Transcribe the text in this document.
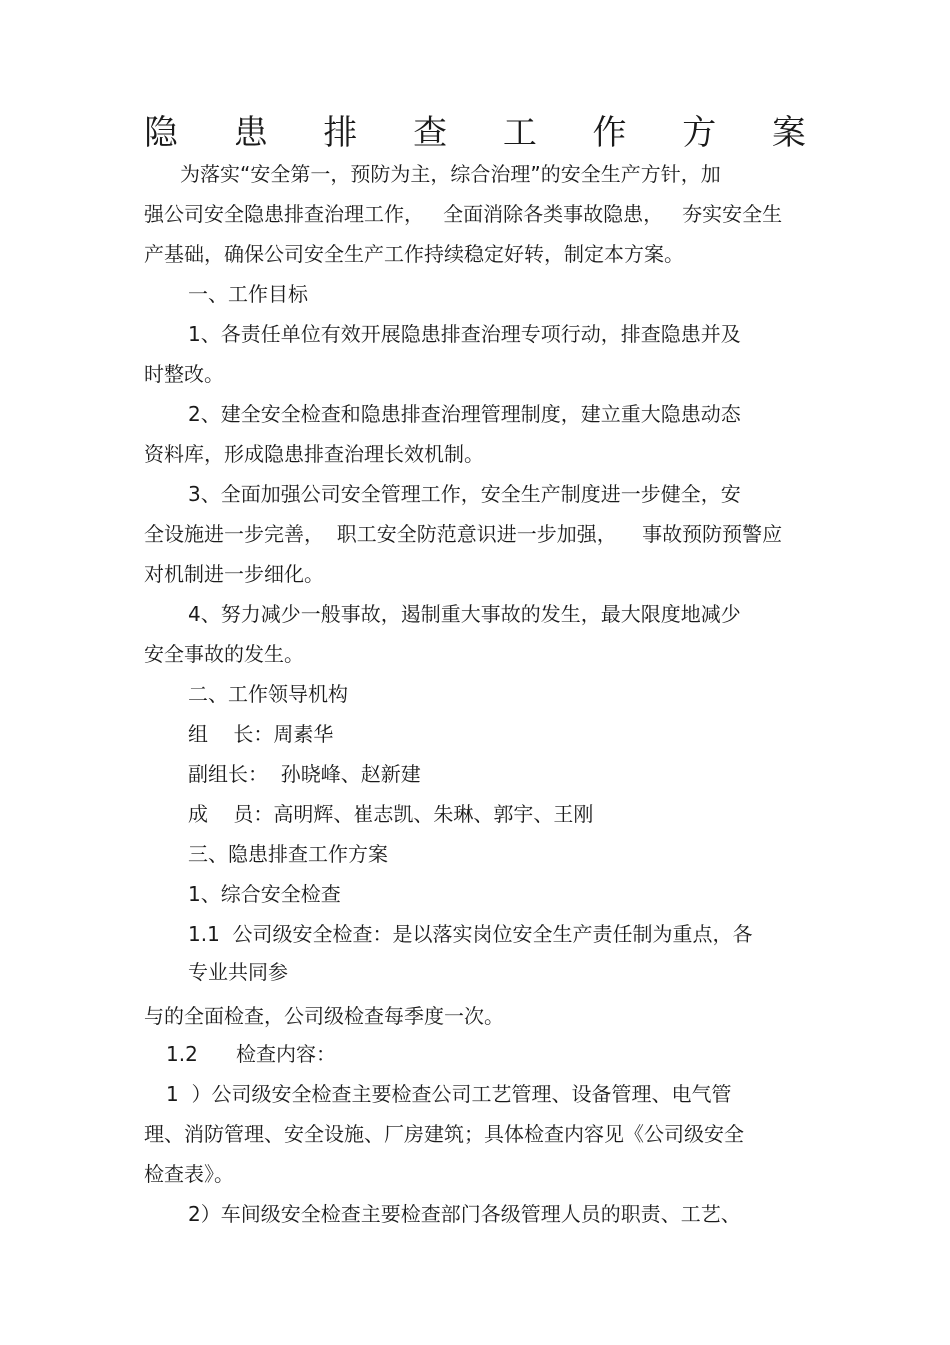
隐 患 排 查 工 作 方 案
为落实“安全第一，预防为主，综合治理”的安全生产方针，加
强公司安全隐患排查治理工作，   全面消除各类事故隐患，   夯实安全生
产基础，确保公司安全生产工作持续稳定好转，制定本方案。
一、工作目标
1、各责任单位有效开展隐患排查治理专项行动，排查隐患并及
时整改。
2、建全安全检查和隐患排查治理管理制度，建立重大隐患动态
资料库，形成隐患排查治理长效机制。
3、全面加强公司安全管理工作，安全生产制度进一步健全，安
全设施进一步完善，  职工安全防范意识进一步加强，    事故预防预警应
对机制进一步细化。
4、努力减少一般事故，遏制重大事故的发生，最大限度地减少
安全事故的发生。
二、工作领导机构
组    长：周素华
副组长：  孙晓峰、赵新建
成    员：高明辉、崔志凯、朱琳、郭宇、王刚
三、隐患排查工作方案
1、综合安全检查
1.1  公司级安全检查：是以落实岗位安全生产责任制为重点，各
专业共同参
与的全面检查，公司级检查每季度一次。
1.2      检查内容：
1  ）公司级安全检查主要检查公司工艺管理、设备管理、电气管
理、消防管理、安全设施、厂房建筑；具体检查内容见《公司级安全
检查表》。
2）车间级安全检查主要检查部门各级管理人员的职责、工艺、
